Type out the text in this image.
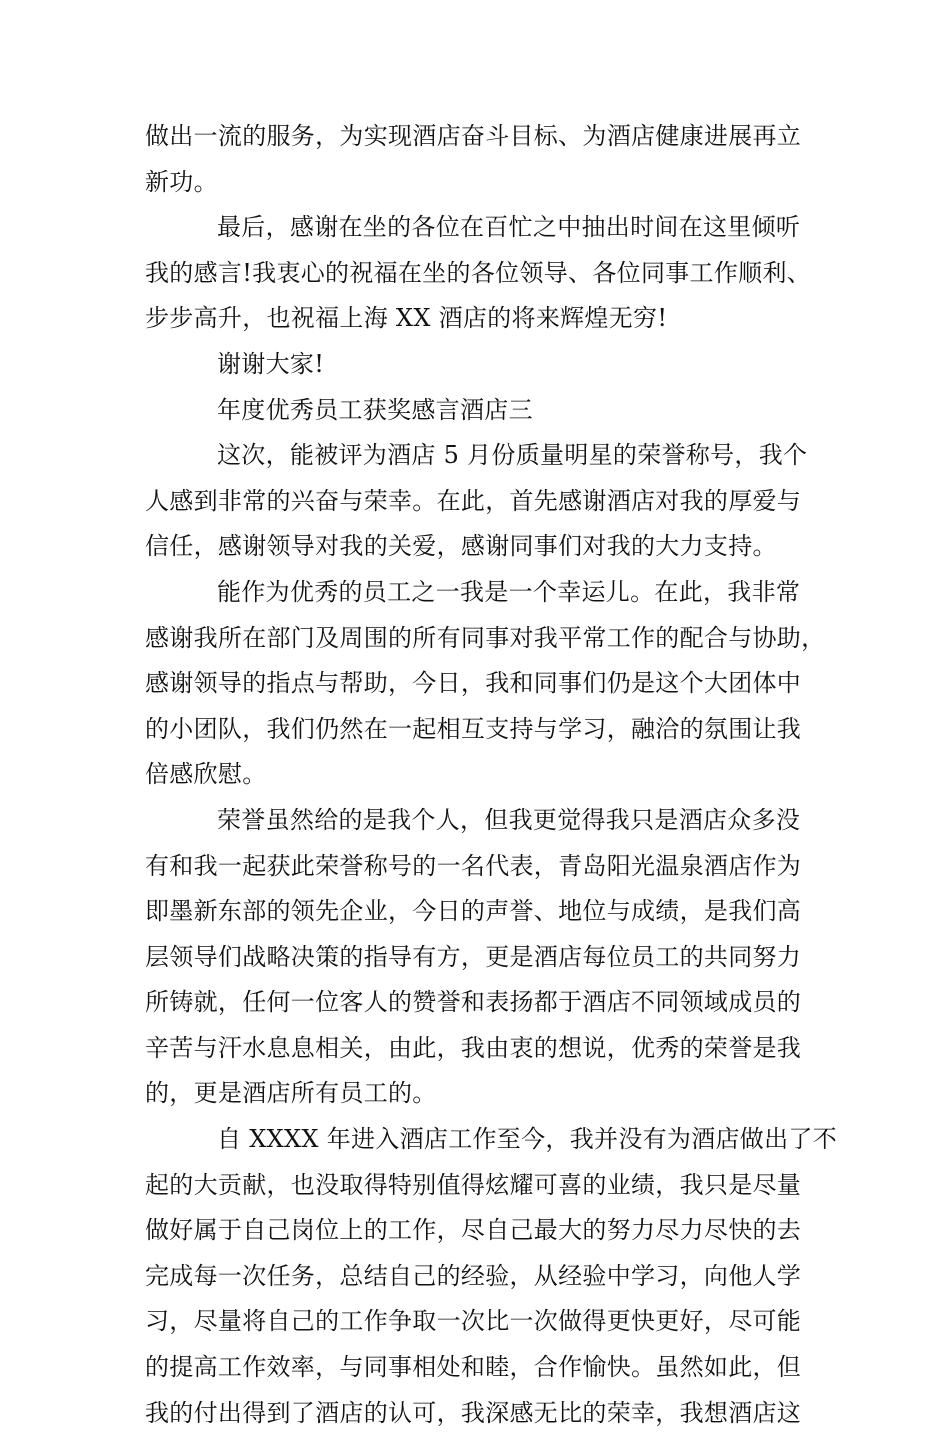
做出一流的服务，为实现酒店奋斗目标、为酒店健康进展再立
新功。

最后，感谢在坐的各位在百忙之中抽出时间在这里倾听
我的感言!我衷心的祝福在坐的各位领导、各位同事工作顺利、
步步高升，也祝福上海 XX 酒店的将来辉煌无穷!

谢谢大家!

年度优秀员工获奖感言酒店三

这次，能被评为酒店 5 月份质量明星的荣誉称号，我个
人感到非常的兴奋与荣幸。在此，首先感谢酒店对我的厚爱与
信任，感谢领导对我的关爱，感谢同事们对我的大力支持。

能作为优秀的员工之一我是一个幸运儿。在此，我非常
感谢我所在部门及周围的所有同事对我平常工作的配合与协助，
感谢领导的指点与帮助，今日，我和同事们仍是这个大团体中
的小团队，我们仍然在一起相互支持与学习，融洽的氛围让我
倍感欣慰。

荣誉虽然给的是我个人，但我更觉得我只是酒店众多没
有和我一起获此荣誉称号的一名代表，青岛阳光温泉酒店作为
即墨新东部的领先企业，今日的声誉、地位与成绩，是我们高
层领导们战略决策的指导有方，更是酒店每位员工的共同努力
所铸就，任何一位客人的赞誉和表扬都于酒店不同领域成员的
辛苦与汗水息息相关，由此，我由衷的想说，优秀的荣誉是我
的，更是酒店所有员工的。

自 XXXX 年进入酒店工作至今，我并没有为酒店做出了不
起的大贡献，也没取得特别值得炫耀可喜的业绩，我只是尽量
做好属于自己岗位上的工作，尽自己最大的努力尽力尽快的去
完成每一次任务，总结自己的经验，从经验中学习，向他人学
习，尽量将自己的工作争取一次比一次做得更快更好，尽可能
的提高工作效率，与同事相处和睦，合作愉快。虽然如此，但
我的付出得到了酒店的认可，我深感无比的荣幸，我想酒店这
